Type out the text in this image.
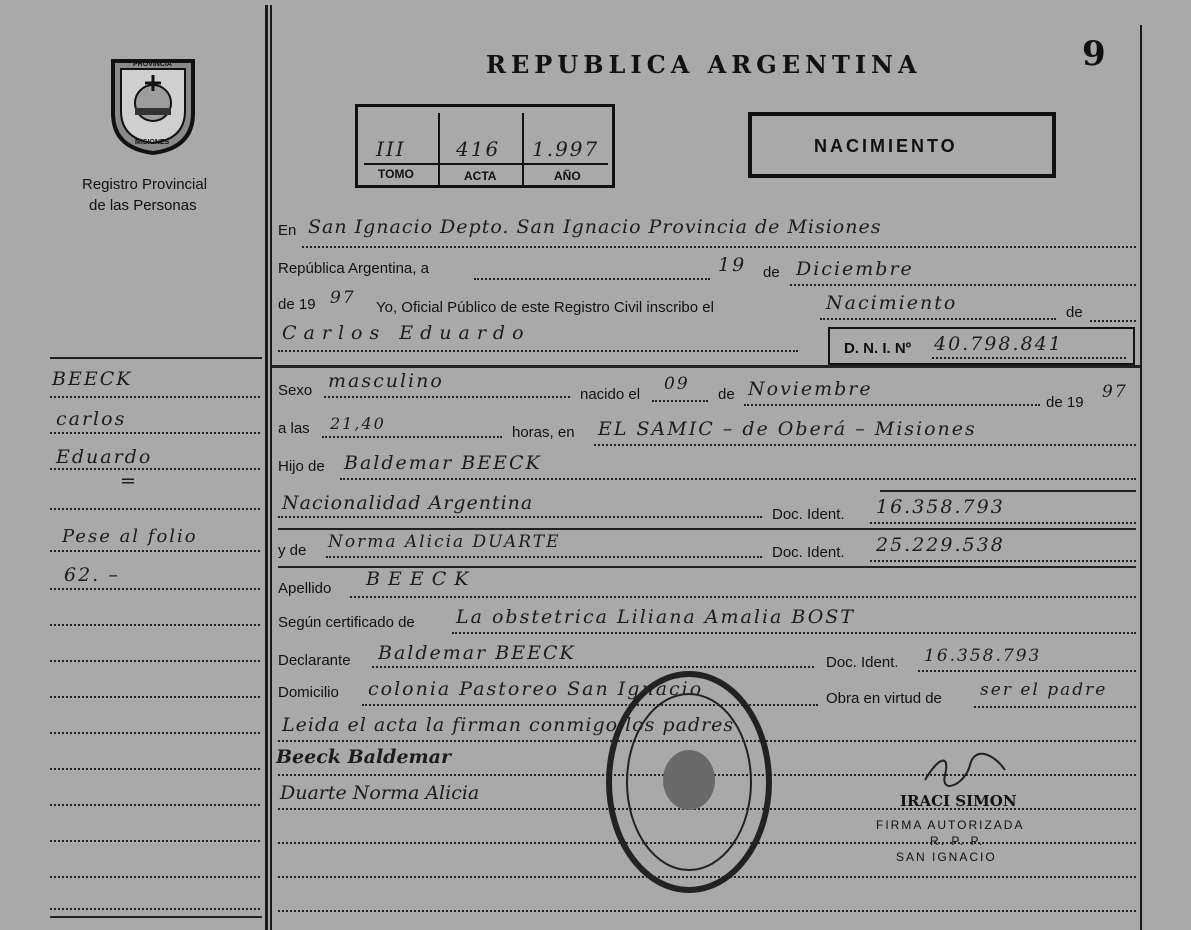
9
PROVINCIA
MISIONES
Registro Provincial
de las Personas
BEECK
carlos
Eduardo
=
Pese al folio
62. –
REPUBLICA ARGENTINA
III	416 1.997
TOMO	ACTA	AÑO
NACIMIENTO
En San Ignacio Depto. San Ignacio Provincia de Misiones
República Argentina, a	19 de Diciembre
de 19 97 Yo, Oficial Público de este Registro Civil inscribo el	Nacimiento	de
Carlos Eduardo
D. N. I. Nº 40.798.841
Sexo masculino
nacido el
09
de Noviembre
de 19
97
a las 21,40	horas, en EL SAMIC – de Oberá – Misiones
Hijo de Baldemar BEECK
Nacionalidad Argentina
Doc. Ident. 16.358.793
y de Norma Alicia DUARTE
Doc. Ident. 25.229.538
Apellido BEECK
Según certificado de La obstetrica Liliana Amalia BOST
Declarante Baldemar BEECK	Doc. Ident. 16.358.793
Domicilio colonia Pastoreo San Ignacio	Obra en virtud de ser el padre
Leida el acta la firman conmigo los padres
Beeck Baldemar
Duarte Norma Alicia	IRACI SIMON
FIRMA AUTORIZADA
R. P. P.
SAN IGNACIO
